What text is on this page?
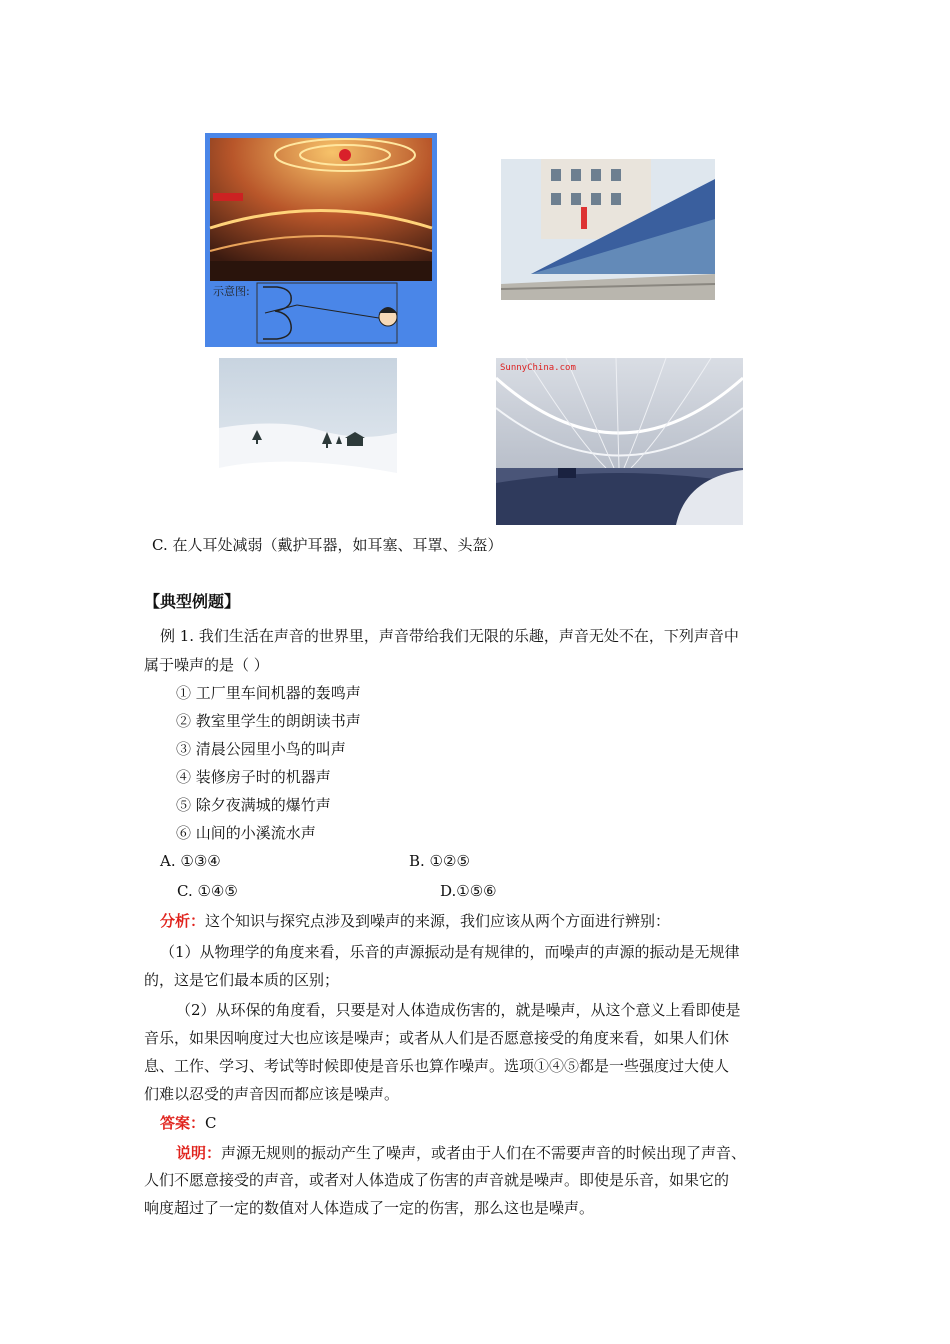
示意图:
SunnyChina.com
C. 在人耳处减弱（戴护耳器，如耳塞、耳罩、头盔）
【典型例题】
例 1. 我们生活在声音的世界里，声音带给我们无限的乐趣，声音无处不在，下列声音中
属于噪声的是（ ）
① 工厂里车间机器的轰鸣声
② 教室里学生的朗朗读书声
③ 清晨公园里小鸟的叫声
④ 装修房子时的机器声
⑤ 除夕夜满城的爆竹声
⑥ 山间的小溪流水声
A. ①③④	B. ①②⑤
C. ①④⑤	D.①⑤⑥
分析：这个知识与探究点涉及到噪声的来源，我们应该从两个方面进行辨别：
（1）从物理学的角度来看，乐音的声源振动是有规律的，而噪声的声源的振动是无规律
的，这是它们最本质的区别；
（2）从环保的角度看，只要是对人体造成伤害的，就是噪声，从这个意义上看即使是
音乐，如果因响度过大也应该是噪声；或者从人们是否愿意接受的角度来看，如果人们休
息、工作、学习、考试等时候即使是音乐也算作噪声。选项①④⑤都是一些强度过大使人
们难以忍受的声音因而都应该是噪声。
答案：C
说明：声源无规则的振动产生了噪声，或者由于人们在不需要声音的时候出现了声音、
人们不愿意接受的声音，或者对人体造成了伤害的声音就是噪声。即使是乐音，如果它的
响度超过了一定的数值对人体造成了一定的伤害，那么这也是噪声。
